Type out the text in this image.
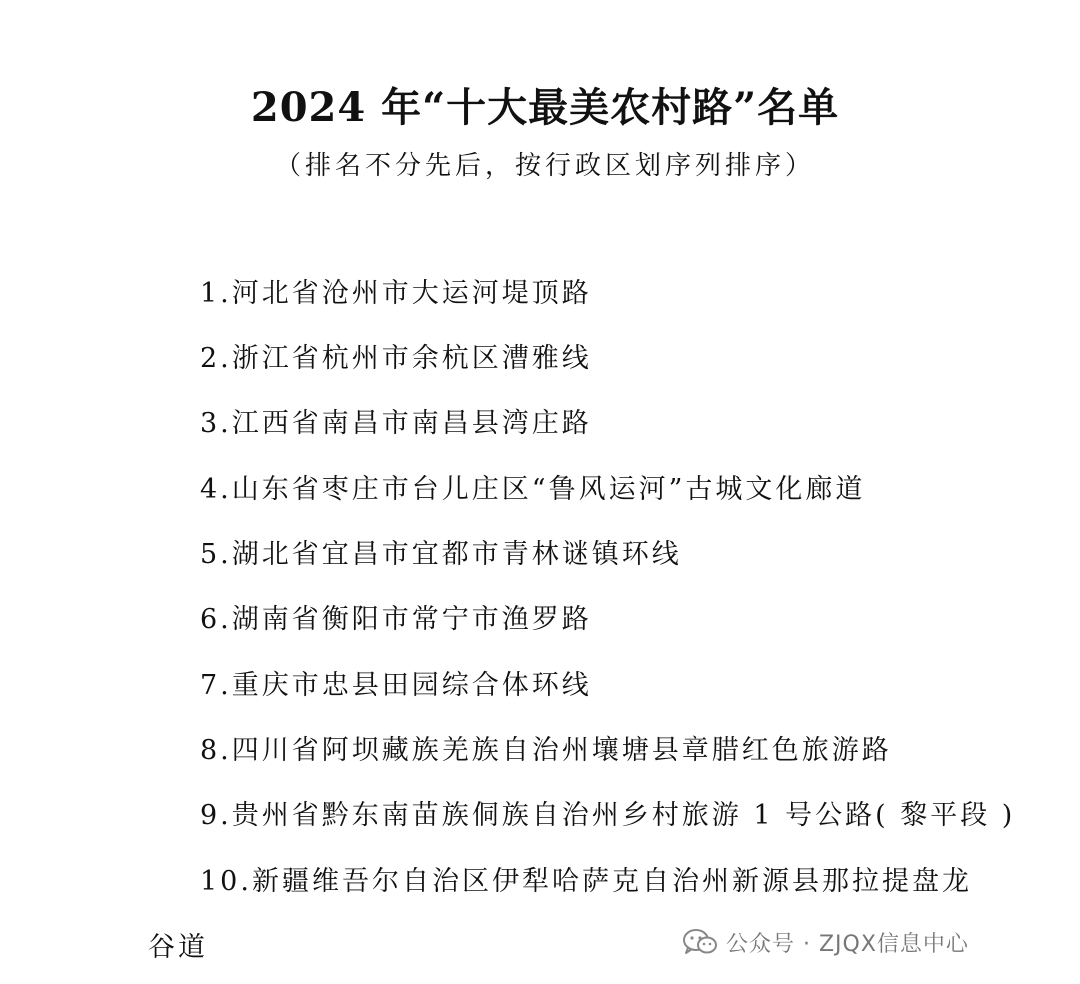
2024 年“十大最美农村路”名单

（排名不分先后，按行政区划序列排序）

1.河北省沧州市大运河堤顶路
2.浙江省杭州市余杭区漕雅线
3.江西省南昌市南昌县湾庄路
4.山东省枣庄市台儿庄区“鲁风运河”古城文化廊道
5.湖北省宜昌市宜都市青林谜镇环线
6.湖南省衡阳市常宁市渔罗路
7.重庆市忠县田园综合体环线
8.四川省阿坝藏族羌族自治州壤塘县章腊红色旅游路
9.贵州省黔东南苗族侗族自治州乡村旅游 1 号公路( 黎平段 )
10.新疆维吾尔自治区伊犁哈萨克自治州新源县那拉提盘龙
谷道	公众号 · ZJQX信息中心
